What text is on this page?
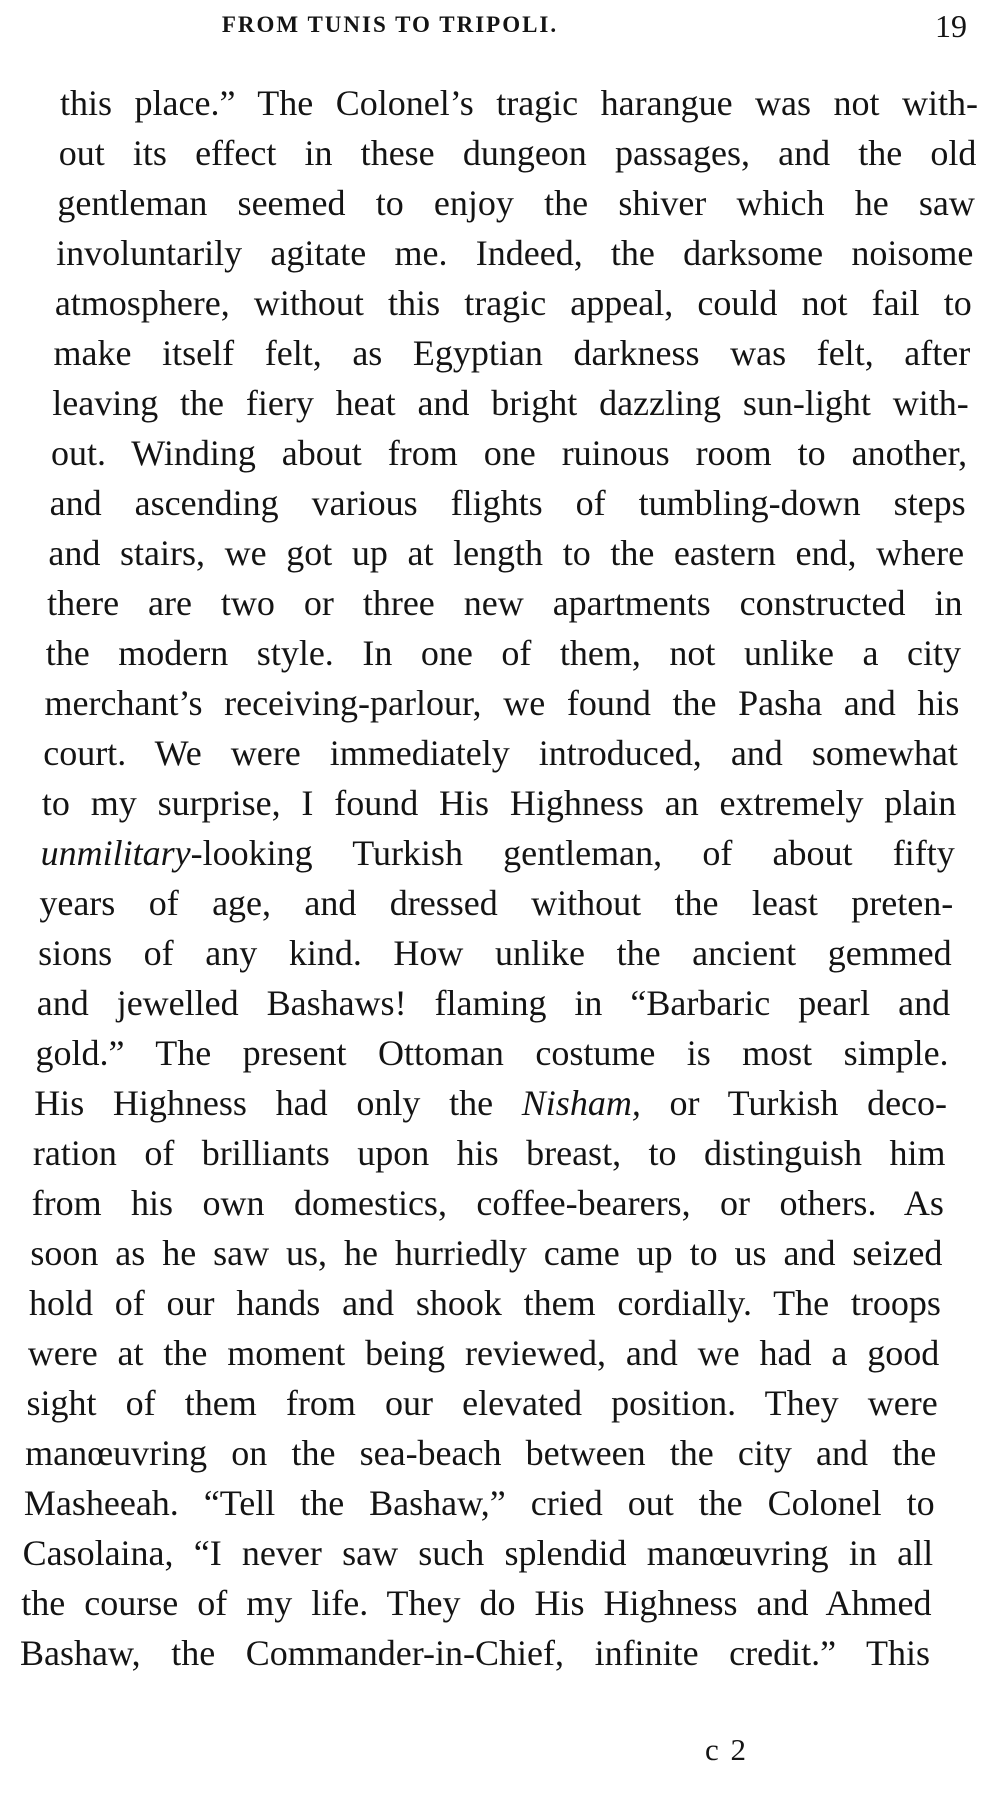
FROM TUNIS TO TRIPOLI.	19
this place.” The Colonel’s tragic harangue was not with-
out its effect in these dungeon passages, and the old
gentleman seemed to enjoy the shiver which he saw
involuntarily agitate me. Indeed, the darksome noisome
atmosphere, without this tragic appeal, could not fail to
make itself felt, as Egyptian darkness was felt, after
leaving the fiery heat and bright dazzling sun-light with-
out. Winding about from one ruinous room to another,
and ascending various flights of tumbling-down steps
and stairs, we got up at length to the eastern end, where
there are two or three new apartments constructed in
the modern style. In one of them, not unlike a city
merchant’s receiving-parlour, we found the Pasha and his
court. We were immediately introduced, and somewhat
to my surprise, I found His Highness an extremely plain
unmilitary-looking Turkish gentleman, of about fifty
years of age, and dressed without the least preten-
sions of any kind. How unlike the ancient gemmed
and jewelled Bashaws! flaming in “Barbaric pearl and
gold.” The present Ottoman costume is most simple.
His Highness had only the Nisham, or Turkish deco-
ration of brilliants upon his breast, to distinguish him
from his own domestics, coffee-bearers, or others. As
soon as he saw us, he hurriedly came up to us and seized
hold of our hands and shook them cordially. The troops
were at the moment being reviewed, and we had a good
sight of them from our elevated position. They were
manœuvring on the sea-beach between the city and the
Masheeah. “Tell the Bashaw,” cried out the Colonel to
Casolaina, “I never saw such splendid manœuvring in all
the course of my life. They do His Highness and Ahmed
Bashaw, the Commander-in-Chief, infinite credit.” This
c 2
